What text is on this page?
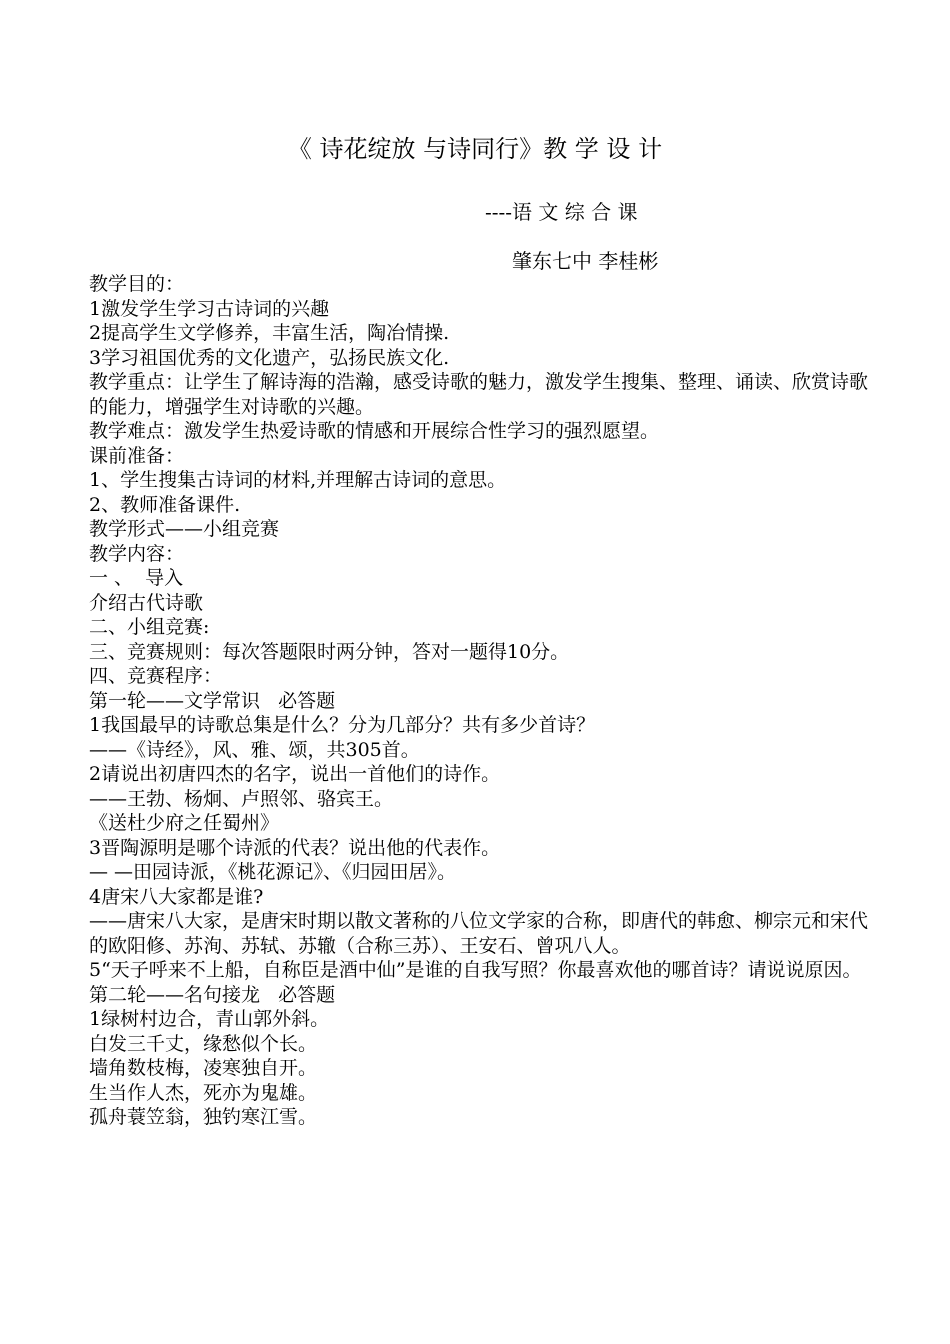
《 诗花绽放 与诗同行》教 学 设 计
----语 文 综 合 课
肇东七中 李桂彬

教学目的：

1激发学生学习古诗词的兴趣

2提高学生文学修养，丰富生活，陶冶情操.

3学习祖国优秀的文化遗产，弘扬民族文化.

教学重点：让学生了解诗海的浩瀚，感受诗歌的魅力，激发学生搜集、整理、诵读、欣赏诗歌的能力，增强学生对诗歌的兴趣。

教学难点：激发学生热爱诗歌的情感和开展综合性学习的强烈愿望。

课前准备：

1、学生搜集古诗词的材料,并理解古诗词的意思。

2、教师准备课件.

教学形式——小组竞赛

教学内容：

一 、  导入

介绍古代诗歌

二、小组竞赛:

三、竞赛规则：每次答题限时两分钟，答对一题得10分。

四、竞赛程序：

第一轮——文学常识   必答题

1我国最早的诗歌总集是什么？分为几部分？共有多少首诗？

——《诗经》，风、雅、颂，共305首。

2请说出初唐四杰的名字，说出一首他们的诗作。

——王勃、杨炯、卢照邻、骆宾王。

《送杜少府之任蜀州》

3晋陶源明是哪个诗派的代表？说出他的代表作。

— —田园诗派，《桃花源记》、《归园田居》。

4唐宋八大家都是谁?

——唐宋八大家，是唐宋时期以散文著称的八位文学家的合称，即唐代的韩愈、柳宗元和宋代的欧阳修、苏洵、苏轼、苏辙（合称三苏）、王安石、曾巩八人。

5“天子呼来不上船，自称臣是酒中仙”是谁的自我写照？你最喜欢他的哪首诗？请说说原因。

第二轮——名句接龙   必答题

1绿树村边合，青山郭外斜。

白发三千丈，缘愁似个长。

墙角数枝梅，凌寒独自开。

生当作人杰，死亦为鬼雄。

孤舟蓑笠翁，独钓寒江雪。
